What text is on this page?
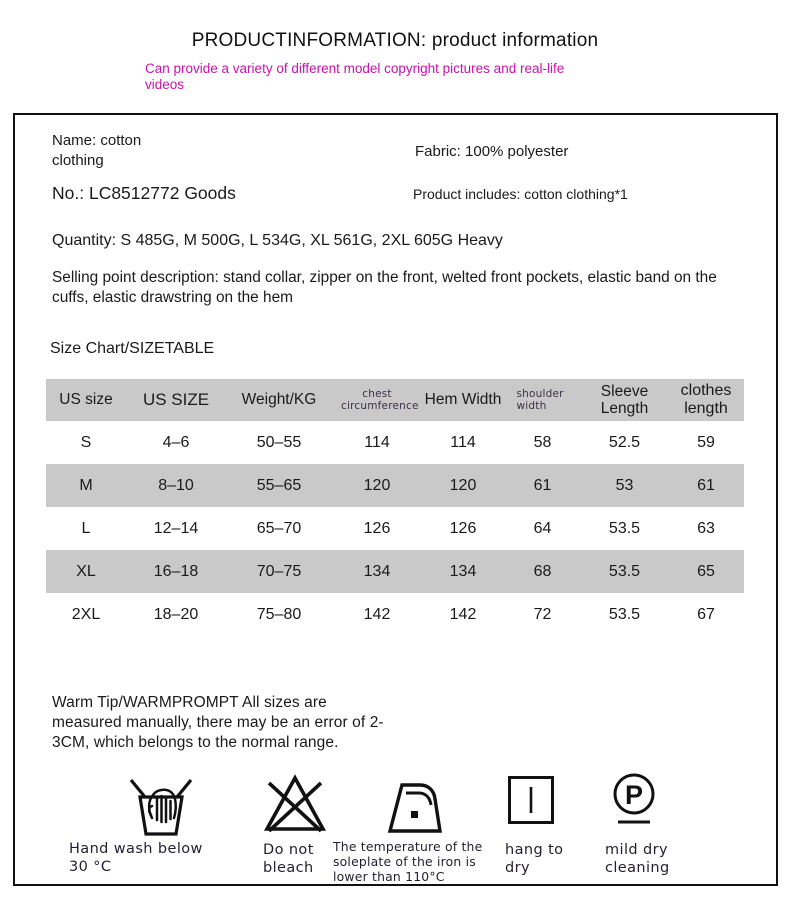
PRODUCTINFORMATION: product information
Can provide a variety of different model copyright pictures and real-life videos
Name: cotton clothing	Fabric: 100% polyester
No.: LC8512772 Goods	Product includes: cotton clothing*1
Quantity: S 485G, M 500G, L 534G, XL 561G, 2XL 605G Heavy
Selling point description: stand collar, zipper on the front, welted front pockets, elastic band on the cuffs, elastic drawstring on the hem
Size Chart/SIZETABLE
US size	US SIZE	Weight/KG	chest circumference	Hem Width	shoulder width	Sleeve Length	clothes length
S	4–6	50–55	114	114	58	52.5	59
M	8–10	55–65	120	120	61	53	61
L	12–14	65–70	126	126	64	53.5	63
XL	16–18	70–75	134	134	68	53.5	65
2XL	18–20	75–80	142	142	72	53.5	67
Warm Tip/WARMPROMPT All sizes are measured manually, there may be an error of 2-3CM, which belongs to the normal range.
P
Hand wash below 30 °C
Do not bleach
The temperature of the soleplate of the iron is lower than 110°C
hang to dry
mild dry cleaning
